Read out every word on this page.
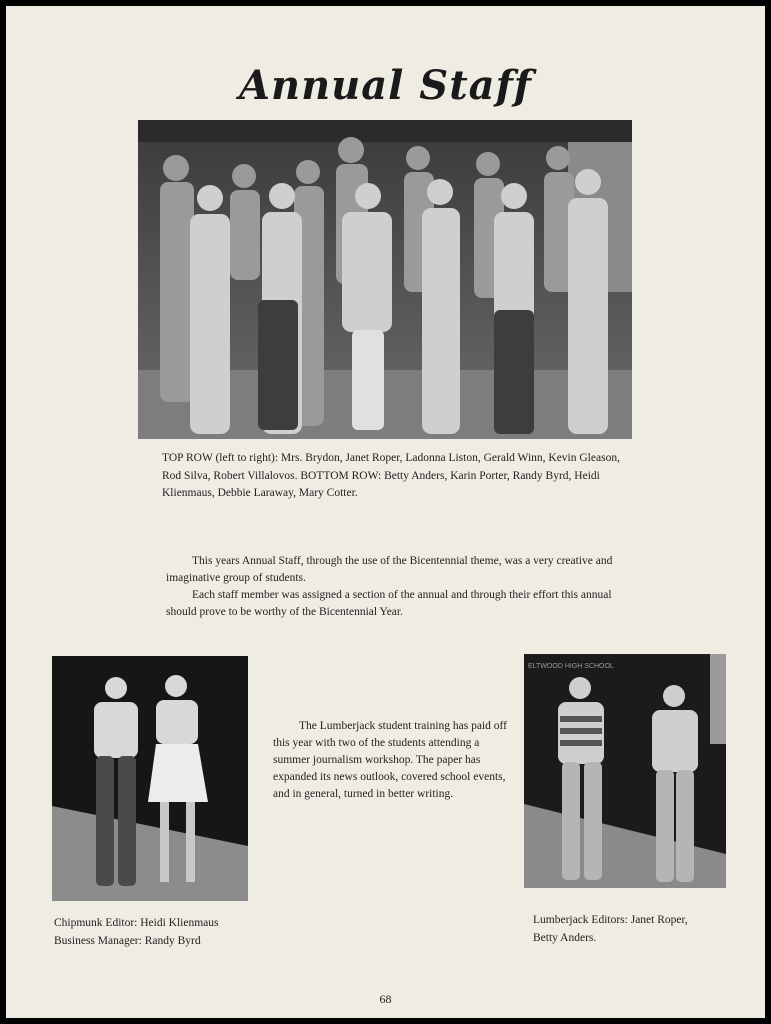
Annual Staff
TOP ROW (left to right): Mrs. Brydon, Janet Roper, Ladonna Liston, Gerald Winn, Kevin Gleason, Rod Silva, Robert Villalovos. BOTTOM ROW: Betty Anders, Karin Porter, Randy Byrd, Heidi Klienmaus, Debbie Laraway, Mary Cotter.
This years Annual Staff, through the use of the Bicentennial theme, was a very creative and imaginative group of students.
Each staff member was assigned a section of the annual and through their effort this annual should prove to be worthy of the Bicentennial Year.
Chipmunk Editor: Heidi Klienmaus
Business Manager: Randy Byrd
The Lumberjack student training has paid off this year with two of the students attending a summer journalism workshop. The paper has expanded its news outlook, covered school events, and in general, turned in better writing.
ELTWOOD HIGH SCHOOL
Lumberjack Editors: Janet Roper,
Betty Anders.
68
